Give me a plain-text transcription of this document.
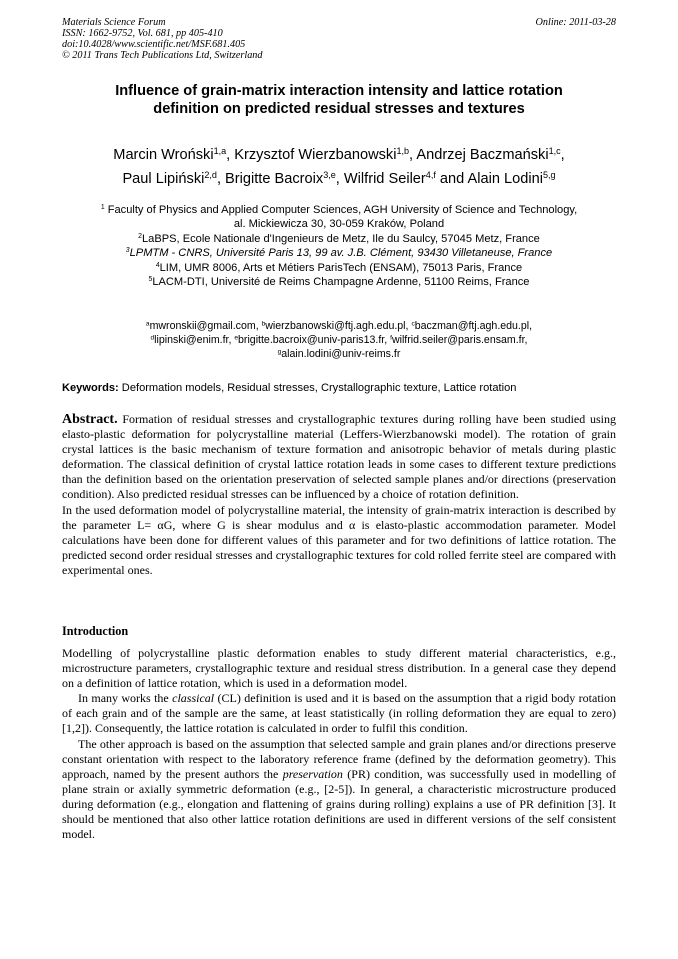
Materials Science Forum
ISSN: 1662-9752, Vol. 681, pp 405-410
doi:10.4028/www.scientific.net/MSF.681.405
© 2011 Trans Tech Publications Ltd, Switzerland
Online: 2011-03-28
Influence of grain-matrix interaction intensity and lattice rotation
definition on predicted residual stresses and textures
Marcin Wroński$^{1,a}$, Krzysztof Wierzbanowski$^{1,b}$, Andrzej Baczmański$^{1,c}$,
Paul Lipiński$^{2,d}$, Brigitte Bacroix$^{3,e}$, Wilfrid Seiler$^{4,f}$ and Alain Lodini$^{5,g}$
$^1$ Faculty of Physics and Applied Computer Sciences, AGH University of Science and Technology,
al. Mickiewicza 30, 30-059 Kraków, Poland
$^2$LaBPS, Ecole Nationale d'Ingenieurs de Metz, Ile du Saulcy, 57045 Metz, France
$^3$LPMTM - CNRS, Université Paris 13, 99 av. J.B. Clément, 93430 Villetaneuse, France
$^4$LIM, UMR 8006, Arts et Métiers ParisTech (ENSAM), 75013 Paris, France
$^5$LACM-DTI, Université de Reims Champagne Ardenne, 51100 Reims, France
$^a$mwronskii@gmail.com, $^b$wierzbanowski@ftj.agh.edu.pl, $^c$baczman@ftj.agh.edu.pl,
$^d$lipinski@enim.fr, $^e$brigitte.bacroix@univ-paris13.fr, $^f$wilfrid.seiler@paris.ensam.fr,
$^g$alain.lodini@univ-reims.fr
Keywords: Deformation models, Residual stresses, Crystallographic texture, Lattice rotation

Abstract. Formation of residual stresses and crystallographic textures during rolling have been studied using elasto-plastic deformation for polycrystalline material (Leffers-Wierzbanowski model). The rotation of grain crystal lattices is the basic mechanism of texture formation and anisotropic behavior of metals during plastic deformation. The classical definition of crystal lattice rotation leads in some cases to different texture predictions than the definition based on the orientation preservation of selected sample planes and/or directions (preservation condition). Also predicted residual stresses can be influenced by a choice of rotation definition.

In the used deformation model of polycrystalline material, the intensity of grain-matrix interaction is described by the parameter L= αG, where G is shear modulus and α is elasto-plastic accommodation parameter. Model calculations have been done for different values of this parameter and for two definitions of lattice rotation. The predicted second order residual stresses and crystallographic textures for cold rolled ferrite steel are compared with experimental ones.

Introduction

Modelling of polycrystalline plastic deformation enables to study different material characteristics, e.g., microstructure parameters, crystallographic texture and residual stress distribution. In a general case they depend on a definition of lattice rotation, which is used in a deformation model.

In many works the classical (CL) definition is used and it is based on the assumption that a rigid body rotation of each grain and of the sample are the same, at least statistically (in rolling deformation they are equal to zero) [1,2]). Consequently, the lattice rotation is calculated in order to fulfil this condition.

The other approach is based on the assumption that selected sample and grain planes and/or directions preserve constant orientation with respect to the laboratory reference frame (defined by the deformation geometry). This approach, named by the present authors the preservation (PR) condition, was successfully used in modelling of plane strain or axially symmetric deformation (e.g., [2-5]). In general, a characteristic microstructure produced during deformation (e.g., elongation and flattening of grains during rolling) explains a use of PR definition [3]. It should be mentioned that also other lattice rotation definitions are used in different versions of the self consistent model.
